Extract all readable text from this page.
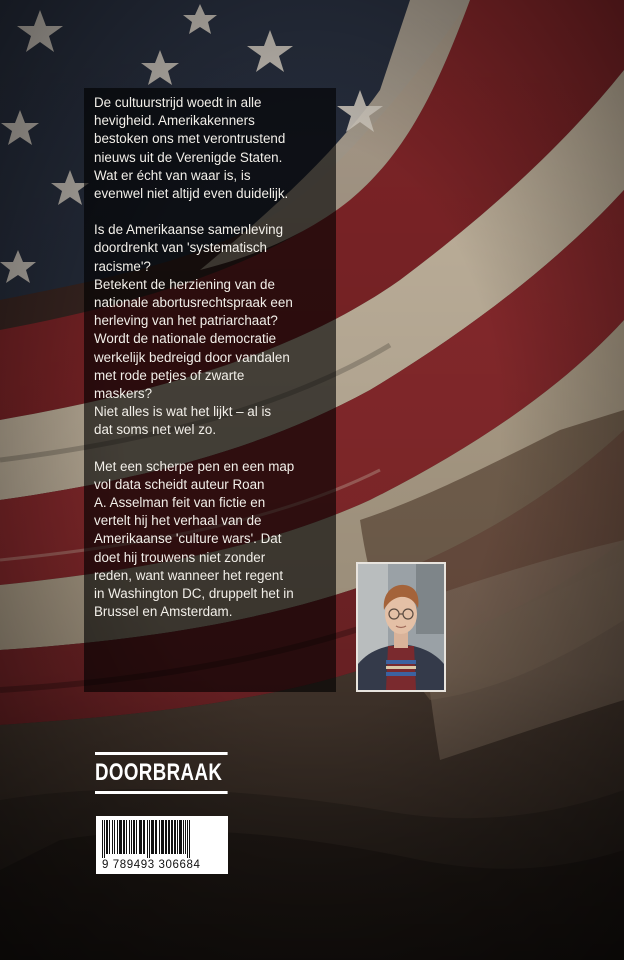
De cultuurstrijd woedt in alle
hevigheid. Amerikakenners
bestoken ons met verontrustend
nieuws uit de Verenigde Staten.
Wat er écht van waar is, is
evenwel niet altijd even duidelijk.

Is de Amerikaanse samenleving
doordrenkt van 'systematisch
racisme'?
Betekent de herziening van de
nationale abortusrechtspraak een
herleving van het patriarchaat?
Wordt de nationale democratie
werkelijk bedreigd door vandalen
met rode petjes of zwarte
maskers?
Niet alles is wat het lijkt – al is
dat soms net wel zo.

Met een scherpe pen en een map
vol data scheidt auteur Roan
A. Asselman feit van fictie en
vertelt hij het verhaal van de
Amerikaanse 'culture wars'. Dat
doet hij trouwens niet zonder
reden, want wanneer het regent
in Washington DC, druppelt het in
Brussel en Amsterdam.

DOORBRAAK
9 789493 306684
